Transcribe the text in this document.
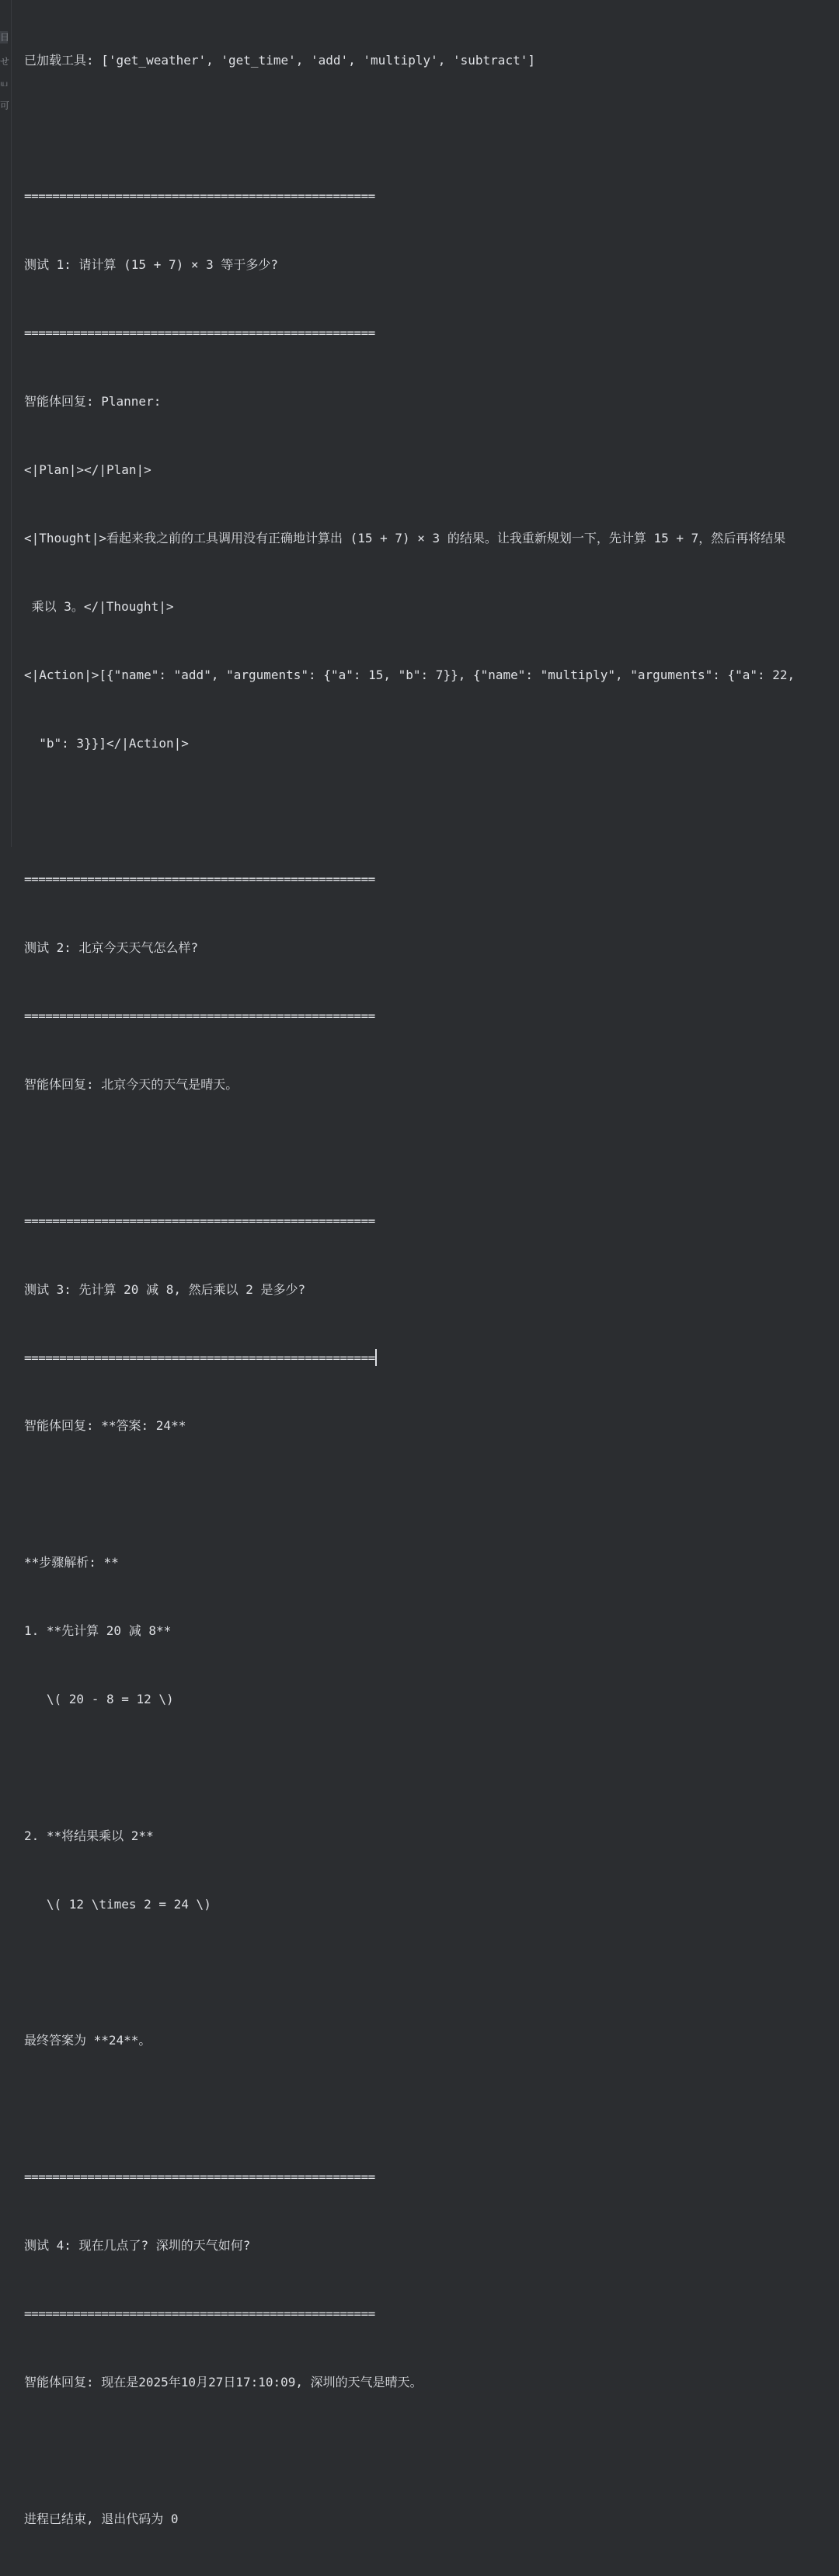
日
せ
ய
可

已加载工具: ['get_weather', 'get_time', 'add', 'multiply', 'subtract']

==================================================

测试 1: 请计算 (15 + 7) × 3 等于多少?

==================================================

智能体回复: Planner:

<|Plan|></|Plan|>

<|Thought|>看起来我之前的工具调用没有正确地计算出 (15 + 7) × 3 的结果。让我重新规划一下，先计算 15 + 7，然后再将结果

乘以 3。</|Thought|>

<|Action|>[{"name": "add", "arguments": {"a": 15, "b": 7}}, {"name": "multiply", "arguments": {"a": 22,

"b": 3}}]</|Action|>

==================================================

测试 2: 北京今天天气怎么样?

==================================================

智能体回复: 北京今天的天气是晴天。

==================================================

测试 3: 先计算 20 减 8, 然后乘以 2 是多少?

==================================================

智能体回复: **答案: 24**

**步骤解析: **

1. **先计算 20 减 8**

\( 20 - 8 = 12 \)

2. **将结果乘以 2**

\( 12 \times 2 = 24 \)

最终答案为 **24**。

==================================================

测试 4: 现在几点了? 深圳的天气如何?

==================================================

智能体回复: 现在是2025年10月27日17:10:09, 深圳的天气是晴天。

进程已结束, 退出代码为 0
